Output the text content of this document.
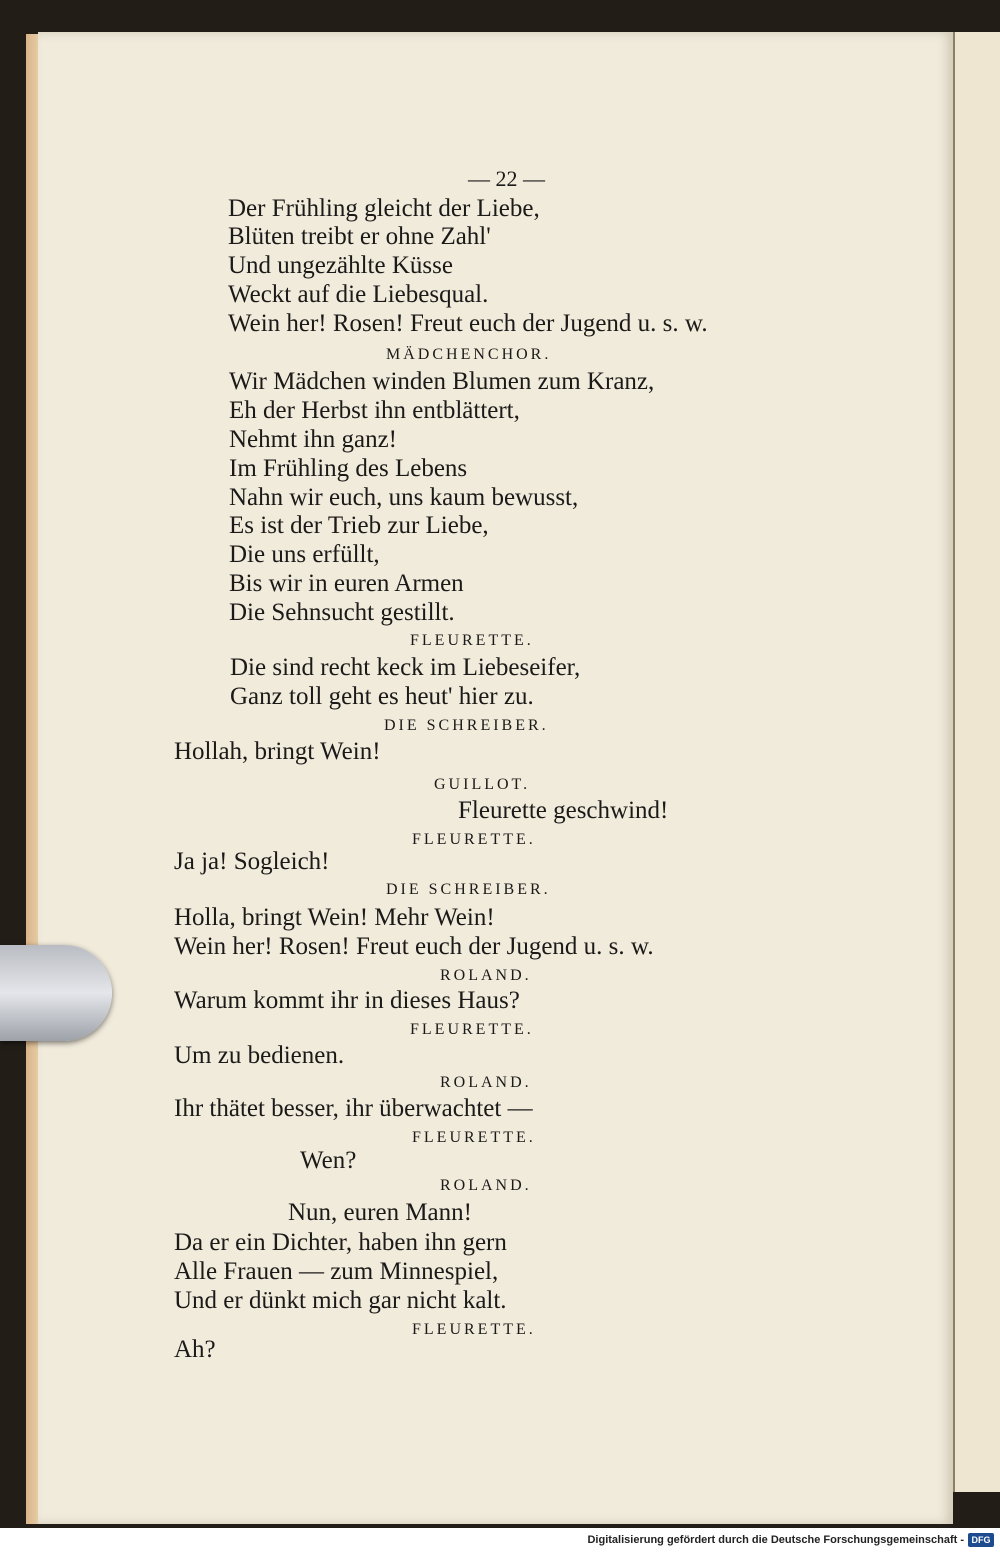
— 22 —
Der Frühling gleicht der Liebe,
Blüten treibt er ohne Zahl'
Und ungezählte Küsse
Weckt auf die Liebesqual.
Wein her! Rosen! Freut euch der Jugend u. s. w.
MÄDCHENCHOR.
Wir Mädchen winden Blumen zum Kranz,
Eh der Herbst ihn entblättert,
Nehmt ihn ganz!
Im Frühling des Lebens
Nahn wir euch, uns kaum bewusst,
Es ist der Trieb zur Liebe,
Die uns erfüllt,
Bis wir in euren Armen
Die Sehnsucht gestillt.
FLEURETTE.
Die sind recht keck im Liebeseifer,
Ganz toll geht es heut' hier zu.
DIE SCHREIBER.
Hollah, bringt Wein!
GUILLOT.
Fleurette geschwind!
FLEURETTE.
Ja ja! Sogleich!
DIE SCHREIBER.
Holla, bringt Wein! Mehr Wein!
Wein her! Rosen! Freut euch der Jugend u. s. w.
ROLAND.
Warum kommt ihr in dieses Haus?
FLEURETTE.
Um zu bedienen.
ROLAND.
Ihr thätet besser, ihr überwachtet —
FLEURETTE.
Wen?
ROLAND.
Nun, euren Mann!
Da er ein Dichter, haben ihn gern
Alle Frauen — zum Minnespiel,
Und er dünkt mich gar nicht kalt.
FLEURETTE.
Ah?
Digitalisierung gefördert durch die Deutsche Forschungsgemeinschaft - DFG
